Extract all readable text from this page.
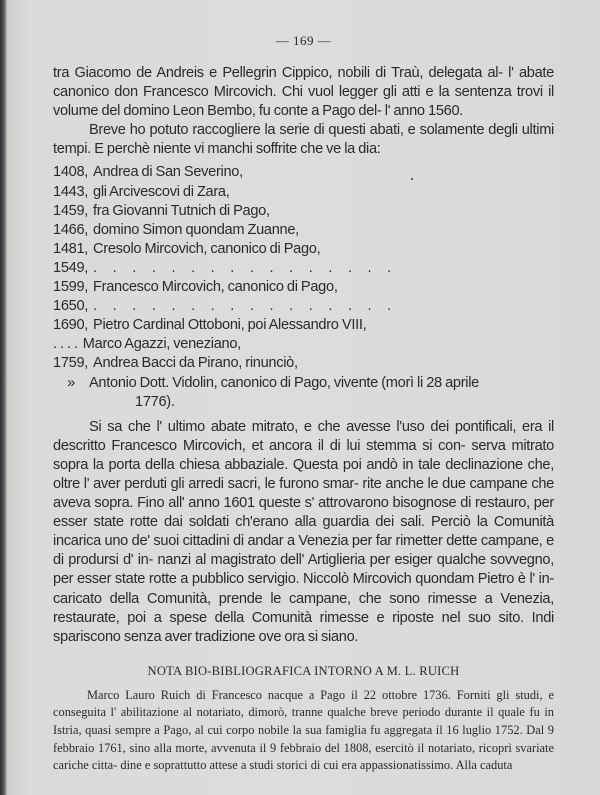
— 169 —

tra Giacomo de Andreis e Pellegrin Cippico, nobili di Traù, delegata al- l' abate canonico don Francesco Mircovich. Chi vuol legger gli atti e la sentenza trovi il volume del domino Leon Bembo, fu conte a Pago del- l' anno 1560.

Breve ho potuto raccogliere la serie di questi abati, e solamente degli ultimi tempi. E perchè niente vi manchi soffrite che ve la dia:

1408, Andrea di San Severino,
1443, gli Arcivescovi di Zara,
1459, fra Giovanni Tutnich di Pago,
1466, domino Simon quondam Zuanne,
1481, Cresolo Mircovich, canonico di Pago,
1549, . . . . . . . . . . . . . . . .
1599, Francesco Mircovich, canonico di Pago,
1650, . . . . . . . . . . . . . . . .
1690, Pietro Cardinal Ottoboni, poi Alessandro VIII,
. . . . Marco Agazzi, veneziano,
1759, Andrea Bacci da Pirano, rinunciò,
» Antonio Dott. Vidolin, canonico di Pago, vivente (morì li 28 aprile
1776).

Si sa che l' ultimo abate mitrato, e che avesse l'uso dei pontificali, era il descritto Francesco Mircovich, et ancora il di lui stemma si con- serva mitrato sopra la porta della chiesa abbaziale. Questa poi andò in tale declinazione che, oltre l' aver perduti gli arredi sacri, le furono smar- rite anche le due campane che aveva sopra. Fino all' anno 1601 queste s' attrovarono bisognose di restauro, per esser state rotte dai soldati ch'erano alla guardia dei sali. Perciò la Comunità incarica uno de' suoi cittadini di andar a Venezia per far rimetter dette campane, e di prodursi d' in- nanzi al magistrato dell' Artiglieria per esiger qualche sovvegno, per esser state rotte a pubblico servigio. Niccolò Mircovich quondam Pietro è l' in- caricato della Comunità, prende le campane, che sono rimesse a Venezia, restaurate, poi a spese della Comunità rimesse e riposte nel suo sito. Indi spariscono senza aver tradizione ove ora si siano.

NOTA BIO-BIBLIOGRAFICA INTORNO A M. L. RUICH

Marco Lauro Ruich di Francesco nacque a Pago il 22 ottobre 1736. Forniti gli studi, e conseguita l' abilitazione al notariato, dimorò, tranne qualche breve periodo durante il quale fu in Istria, quasi sempre a Pago, al cui corpo nobile la sua famiglia fu aggregata il 16 luglio 1752. Dal 9 febbraio 1761, sino alla morte, avvenuta il 9 febbraio del 1808, esercitò il notariato, ricoprì svariate cariche citta- dine e soprattutto attese a studi storici di cui era appassionatissimo. Alla caduta
